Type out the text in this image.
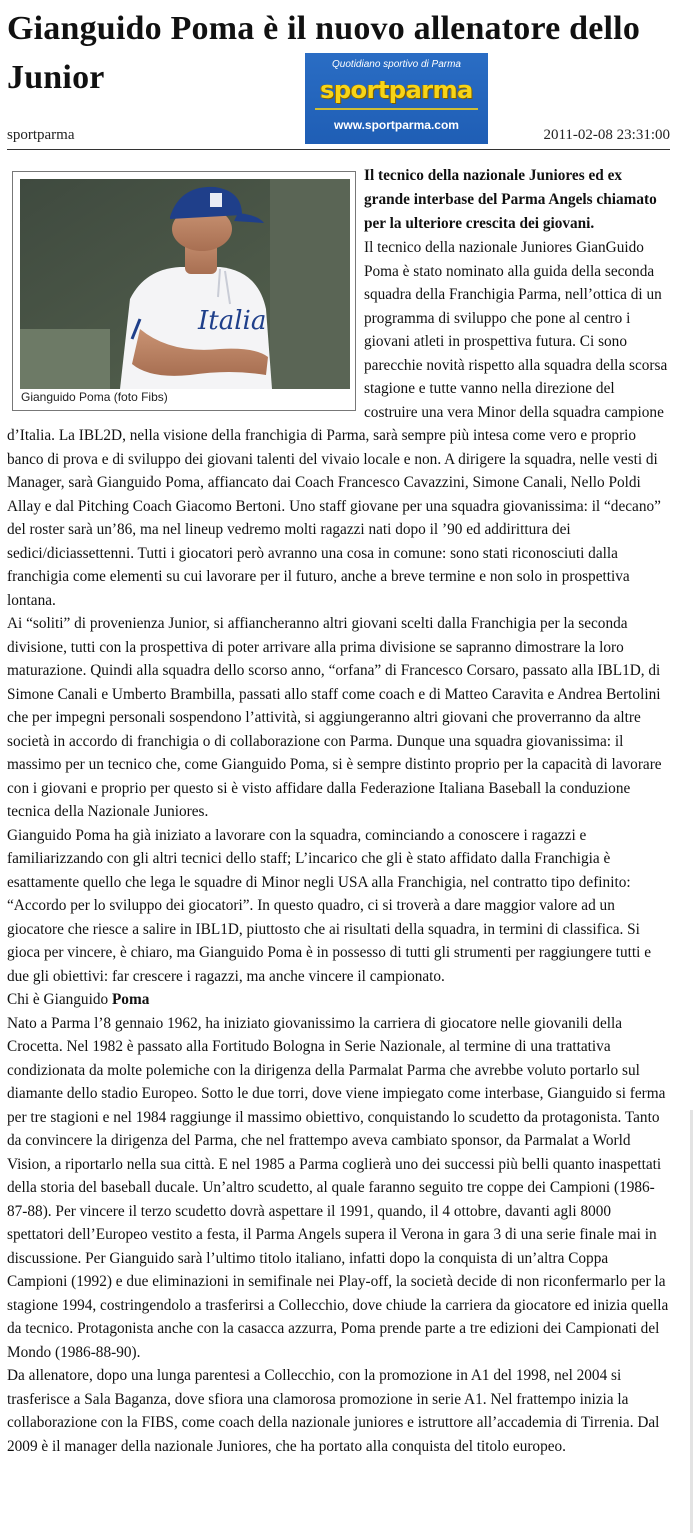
Gianguido Poma è il nuovo allenatore dello Junior	Quotidiano sportivo di Parma
sportparma
www.sportparma.com
sportparma	2011-02-08 23:31:00

Il tecnico della nazionale Juniores ed ex grande interbase del Parma Angels chiamato per la ulteriore crescita dei giovani.

Il tecnico della nazionale Juniores GianGuido Poma è stato nominato alla guida della seconda squadra della Franchigia Parma, nell’ottica di un programma di sviluppo che pone al centro i giovani atleti in prospettiva futura. Ci sono parecchie novità rispetto alla squadra della scorsa stagione e tutte vanno nella direzione del costruire una vera Minor della squadra campione d’Italia. La IBL2D, nella visione della franchigia di Parma, sarà sempre più intesa come vero e proprio banco di prova e di sviluppo dei giovani talenti del vivaio locale e non. A dirigere la squadra, nelle vesti di Manager, sarà Gianguido Poma, affiancato dai Coach Francesco Cavazzini, Simone Canali, Nello Poldi Allay e dal Pitching Coach Giacomo Bertoni. Uno staff giovane per una squadra giovanissima: il “decano” del roster sarà un’86, ma nel lineup vedremo molti ragazzi nati dopo il ’90 ed addirittura dei sedici/diciassettenni. Tutti i giocatori però avranno una cosa in comune: sono stati riconosciuti dalla franchigia come elementi su cui lavorare per il futuro, anche a breve termine e non solo in prospettiva lontana.

Ai “soliti” di provenienza Junior, si affiancheranno altri giovani scelti dalla Franchigia per la seconda divisione, tutti con la prospettiva di poter arrivare alla prima divisione se sapranno dimostrare la loro maturazione. Quindi alla squadra dello scorso anno, “orfana” di Francesco Corsaro, passato alla IBL1D, di Simone Canali e Umberto Brambilla, passati allo staff come coach e di Matteo Caravita e Andrea Bertolini che per impegni personali sospendono l’attività, si aggiungeranno altri giovani che proverranno da altre società in accordo di franchigia o di collaborazione con Parma. Dunque una squadra giovanissima: il massimo per un tecnico che, come Gianguido Poma, si è sempre distinto proprio per la capacità di lavorare con i giovani e proprio per questo si è visto affidare dalla Federazione Italiana Baseball la conduzione tecnica della Nazionale Juniores.

Gianguido Poma ha già iniziato a lavorare con la squadra, cominciando a conoscere i ragazzi e familiarizzando con gli altri tecnici dello staff; L’incarico che gli è stato affidato dalla Franchigia è esattamente quello che lega le squadre di Minor negli USA alla Franchigia, nel contratto tipo definito: “Accordo per lo sviluppo dei giocatori”. In questo quadro, ci si troverà a dare maggior valore ad un giocatore che riesce a salire in IBL1D, piuttosto che ai risultati della squadra, in termini di classifica. Si gioca per vincere, è chiaro, ma Gianguido Poma è in possesso di tutti gli strumenti per raggiungere tutti e due gli obiettivi: far crescere i ragazzi, ma anche vincere il campionato.

Chi è Gianguido Poma

Nato a Parma l’8 gennaio 1962, ha iniziato giovanissimo la carriera di giocatore nelle giovanili della Crocetta. Nel 1982 è passato alla Fortitudo Bologna in Serie Nazionale, al termine di una trattativa condizionata da molte polemiche con la dirigenza della Parmalat Parma che avrebbe voluto portarlo sul diamante dello stadio Europeo. Sotto le due torri, dove viene impiegato come interbase, Gianguido si ferma per tre stagioni e nel 1984 raggiunge il massimo obiettivo, conquistando lo scudetto da protagonista. Tanto da convincere la dirigenza del Parma, che nel frattempo aveva cambiato sponsor, da Parmalat a World Vision, a riportarlo nella sua città. E nel 1985 a Parma coglierà uno dei successi più belli quanto inaspettati della storia del baseball ducale. Un’altro scudetto, al quale faranno seguito tre coppe dei Campioni (1986-87-88). Per vincere il terzo scudetto dovrà aspettare il 1991, quando, il 4 ottobre, davanti agli 8000 spettatori dell’Europeo vestito a festa, il Parma Angels supera il Verona in gara 3 di una serie finale mai in discussione. Per Gianguido sarà l’ultimo titolo italiano, infatti dopo la conquista di un’altra Coppa Campioni (1992) e due eliminazioni in semifinale nei Play-off, la società decide di non riconfermarlo per la stagione 1994, costringendolo a trasferirsi a Collecchio, dove chiude la carriera da giocatore ed inizia quella da tecnico. Protagonista anche con la casacca azzurra, Poma prende parte a tre edizioni dei Campionati del Mondo (1986-88-90).

Da allenatore, dopo una lunga parentesi a Collecchio, con la promozione in A1 del 1998, nel 2004 si trasferisce a Sala Baganza, dove sfiora una clamorosa promozione in serie A1. Nel frattempo inizia la collaborazione con la FIBS, come coach della nazionale juniores e istruttore all’accademia di Tirrenia. Dal 2009 è il manager della nazionale Juniores, che ha portato alla conquista del titolo europeo.

Italia
Gianguido Poma (foto Fibs)
